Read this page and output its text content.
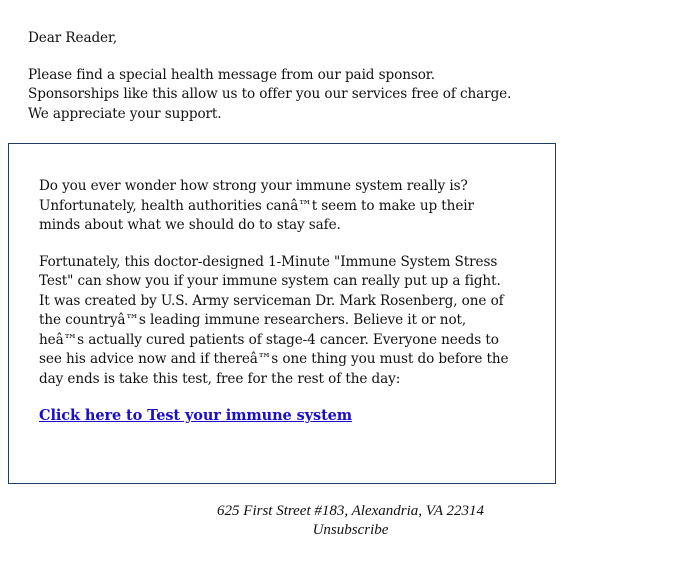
Dear Reader,
Please find a special health message from our paid sponsor.
Sponsorships like this allow us to offer you our services free of charge.
We appreciate your support.
Do you ever wonder how strong your immune system really is?
Unfortunately, health authorities canâ™t seem to make up their
minds about what we should do to stay safe.
Fortunately, this doctor-designed 1-Minute "Immune System Stress
Test" can show you if your immune system can really put up a fight.
It was created by U.S. Army serviceman Dr. Mark Rosenberg, one of
the countryâ™s leading immune researchers. Believe it or not,
heâ™s actually cured patients of stage-4 cancer. Everyone needs to
see his advice now and if thereâ™s one thing you must do before the
day ends is take this test, free for the rest of the day:
Click here to Test your immune system
625 First Street #183, Alexandria, VA 22314
Unsubscribe
